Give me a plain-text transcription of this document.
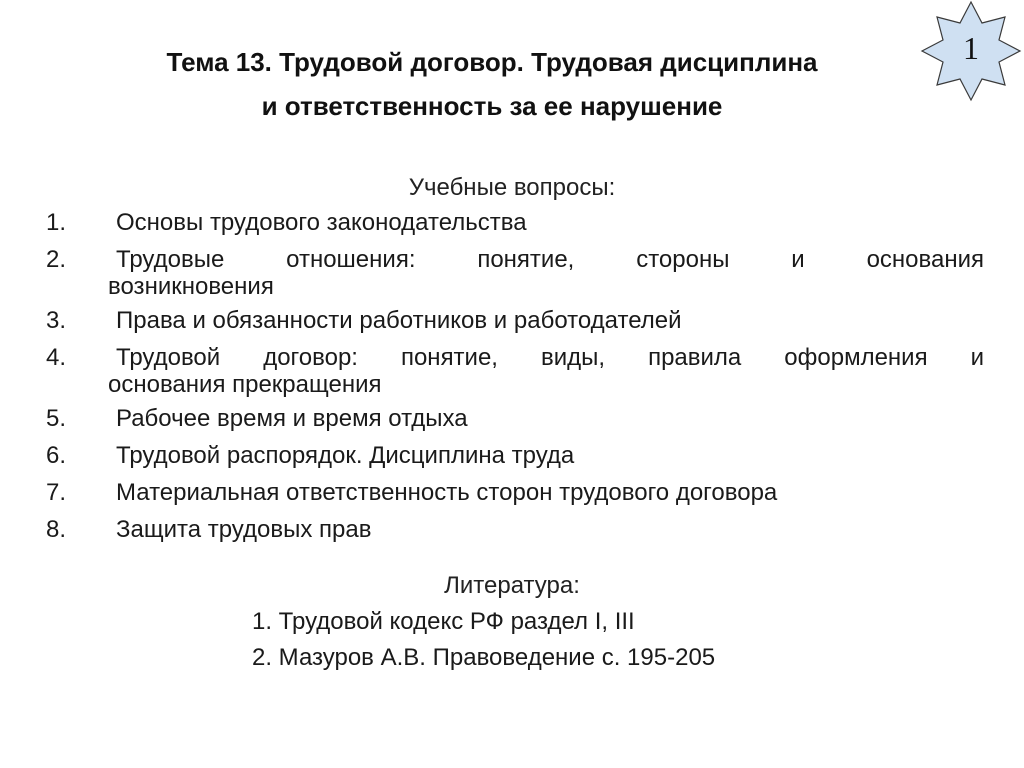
Тема 13. Трудовой договор. Трудовая дисциплина
и ответственность за ее нарушение
1
Учебные вопросы:
1.	Основы трудового законодательства
2.	Трудовые отношения: понятие, стороны и основания
возникновения
3.	Права и обязанности работников и работодателей
4.	Трудовой договор: понятие, виды, правила оформления и
основания прекращения
5.	Рабочее время и время отдыха
6.	Трудовой распорядок. Дисциплина труда
7.	Материальная ответственность сторон трудового договора
8.	Защита трудовых прав
Литература:
1. Трудовой кодекс РФ раздел I, III
2. Мазуров А.В. Правоведение с. 195-205
